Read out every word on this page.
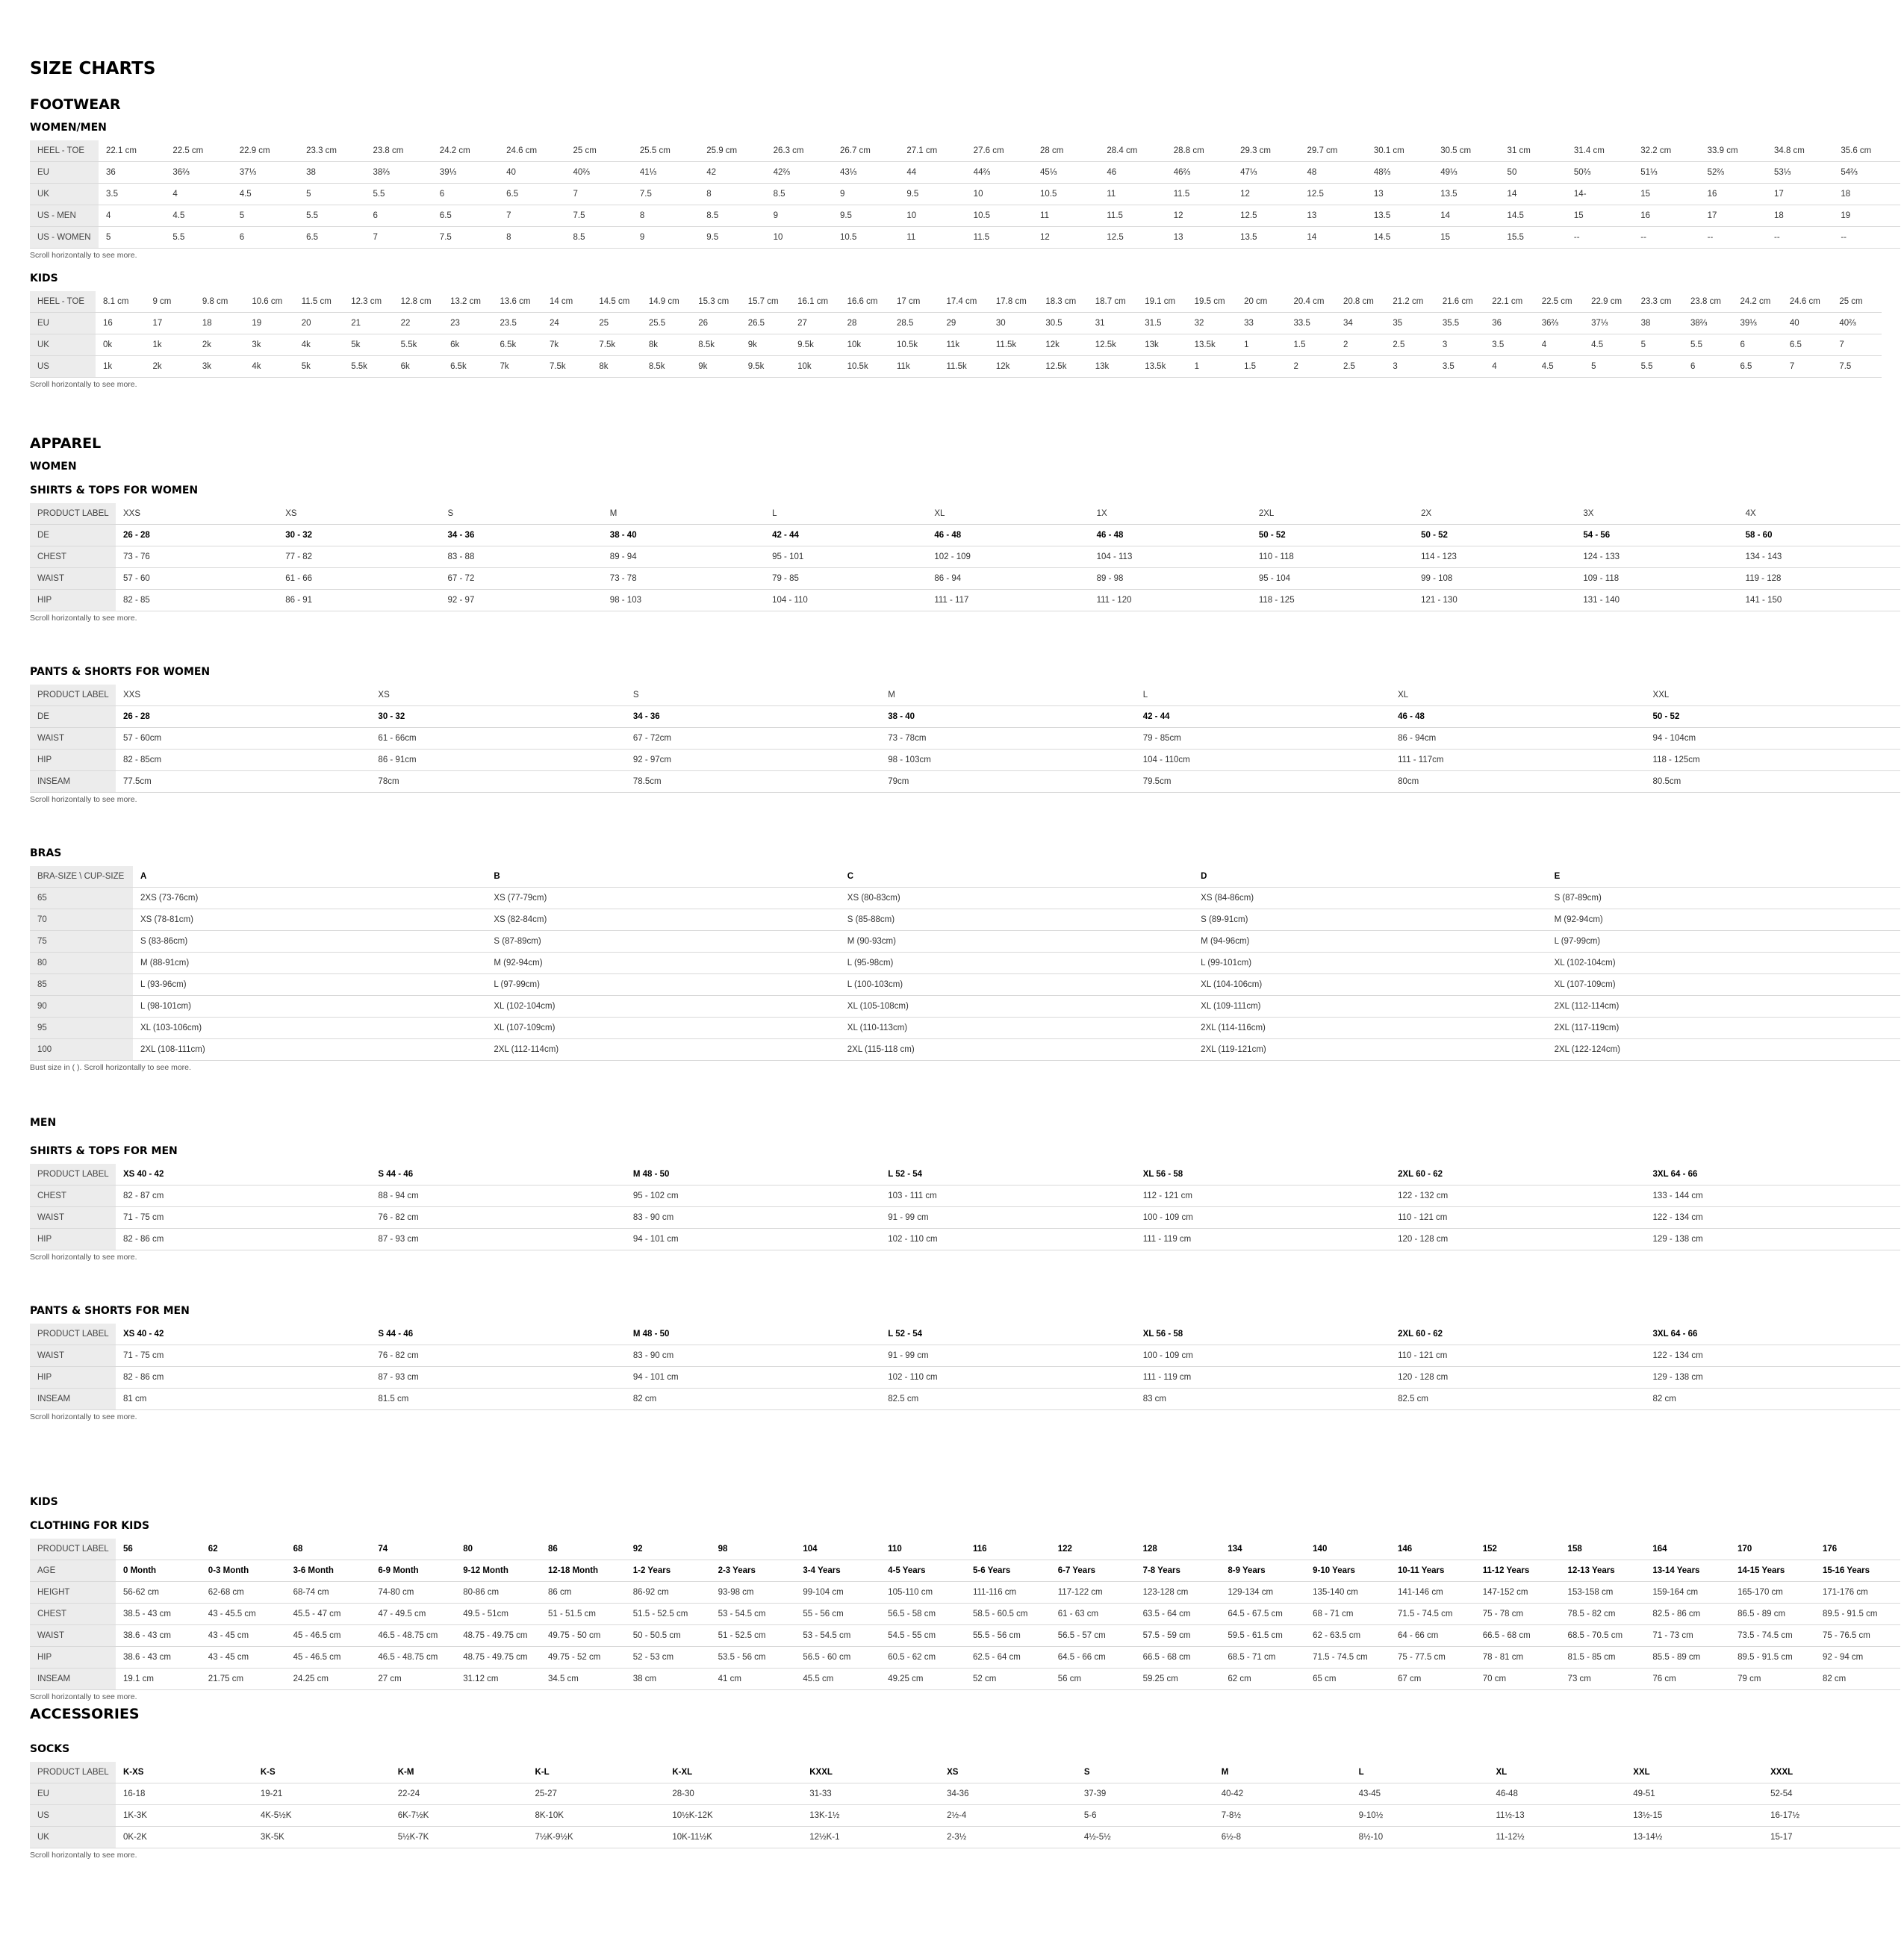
SIZE CHARTS
FOOTWEAR
APPAREL
WOMEN
MEN
KIDS
ACCESSORIES
WOMEN/MEN
HEEL - TOE	22.1 cm	22.5 cm	22.9 cm	23.3 cm	23.8 cm	24.2 cm	24.6 cm	25 cm	25.5 cm	25.9 cm	26.3 cm	26.7 cm	27.1 cm	27.6 cm	28 cm	28.4 cm	28.8 cm	29.3 cm	29.7 cm	30.1 cm	30.5 cm	31 cm	31.4 cm	32.2 cm	33.9 cm	34.8 cm	35.6 cm
EU	36	36⅔	37⅓	38	38⅔	39⅓	40	40⅔	41⅓	42	42⅔	43⅓	44	44⅔	45⅓	46	46⅔	47⅓	48	48⅔	49⅓	50	50⅔	51⅓	52⅔	53⅓	54⅔
UK	3.5	4	4.5	5	5.5	6	6.5	7	7.5	8	8.5	9	9.5	10	10.5	11	11.5	12	12.5	13	13.5	14	14-	15	16	17	18
US - MEN	4	4.5	5	5.5	6	6.5	7	7.5	8	8.5	9	9.5	10	10.5	11	11.5	12	12.5	13	13.5	14	14.5	15	16	17	18	19
US - WOMEN	5	5.5	6	6.5	7	7.5	8	8.5	9	9.5	10	10.5	11	11.5	12	12.5	13	13.5	14	14.5	15	15.5	--	--	--	--	--
Scroll horizontally to see more.
KIDS
HEEL - TOE	8.1 cm	9 cm	9.8 cm	10.6 cm	11.5 cm	12.3 cm	12.8 cm	13.2 cm	13.6 cm	14 cm	14.5 cm	14.9 cm	15.3 cm	15.7 cm	16.1 cm	16.6 cm	17 cm	17.4 cm	17.8 cm	18.3 cm	18.7 cm	19.1 cm	19.5 cm	20 cm	20.4 cm	20.8 cm	21.2 cm	21.6 cm	22.1 cm	22.5 cm	22.9 cm	23.3 cm	23.8 cm	24.2 cm	24.6 cm	25 cm
EU	16	17	18	19	20	21	22	23	23.5	24	25	25.5	26	26.5	27	28	28.5	29	30	30.5	31	31.5	32	33	33.5	34	35	35.5	36	36⅔	37⅓	38	38⅔	39⅓	40	40⅔
UK	0k	1k	2k	3k	4k	5k	5.5k	6k	6.5k	7k	7.5k	8k	8.5k	9k	9.5k	10k	10.5k	11k	11.5k	12k	12.5k	13k	13.5k	1	1.5	2	2.5	3	3.5	4	4.5	5	5.5	6	6.5	7
US	1k	2k	3k	4k	5k	5.5k	6k	6.5k	7k	7.5k	8k	8.5k	9k	9.5k	10k	10.5k	11k	11.5k	12k	12.5k	13k	13.5k	1	1.5	2	2.5	3	3.5	4	4.5	5	5.5	6	6.5	7	7.5
Scroll horizontally to see more.
SHIRTS & TOPS FOR WOMEN
PRODUCT LABEL	XXS	XS	S	M	L	XL	1X	2XL	2X	3X	4X
DE	26 - 28	30 - 32	34 - 36	38 - 40	42 - 44	46 - 48	46 - 48	50 - 52	50 - 52	54 - 56	58 - 60
CHEST	73 - 76	77 - 82	83 - 88	89 - 94	95 - 101	102 - 109	104 - 113	110 - 118	114 - 123	124 - 133	134 - 143
WAIST	57 - 60	61 - 66	67 - 72	73 - 78	79 - 85	86 - 94	89 - 98	95 - 104	99 - 108	109 - 118	119 - 128
HIP	82 - 85	86 - 91	92 - 97	98 - 103	104 - 110	111 - 117	111 - 120	118 - 125	121 - 130	131 - 140	141 - 150
Scroll horizontally to see more.
PANTS & SHORTS FOR WOMEN
PRODUCT LABEL	XXS	XS	S	M	L	XL	XXL
DE	26 - 28	30 - 32	34 - 36	38 - 40	42 - 44	46 - 48	50 - 52
WAIST	57 - 60cm	61 - 66cm	67 - 72cm	73 - 78cm	79 - 85cm	86 - 94cm	94 - 104cm
HIP	82 - 85cm	86 - 91cm	92 - 97cm	98 - 103cm	104 - 110cm	111 - 117cm	118 - 125cm
INSEAM	77.5cm	78cm	78.5cm	79cm	79.5cm	80cm	80.5cm
Scroll horizontally to see more.
BRAS
BRA-SIZE \ CUP-SIZE	A	B	C	D	E
65	2XS (73-76cm)	XS (77-79cm)	XS (80-83cm)	XS (84-86cm)	S (87-89cm)
70	XS (78-81cm)	XS (82-84cm)	S (85-88cm)	S (89-91cm)	M (92-94cm)
75	S (83-86cm)	S (87-89cm)	M (90-93cm)	M (94-96cm)	L (97-99cm)
80	M (88-91cm)	M (92-94cm)	L (95-98cm)	L (99-101cm)	XL (102-104cm)
85	L (93-96cm)	L (97-99cm)	L (100-103cm)	XL (104-106cm)	XL (107-109cm)
90	L (98-101cm)	XL (102-104cm)	XL (105-108cm)	XL (109-111cm)	2XL (112-114cm)
95	XL (103-106cm)	XL (107-109cm)	XL (110-113cm)	2XL (114-116cm)	2XL (117-119cm)
100	2XL (108-111cm)	2XL (112-114cm)	2XL (115-118 cm)	2XL (119-121cm)	2XL (122-124cm)
Bust size in ( ). Scroll horizontally to see more.
SHIRTS & TOPS FOR MEN
PRODUCT LABEL	XS 40 - 42	S 44 - 46	M 48 - 50	L 52 - 54	XL 56 - 58	2XL 60 - 62	3XL 64 - 66
CHEST	82 - 87 cm	88 - 94 cm	95 - 102 cm	103 - 111 cm	112 - 121 cm	122 - 132 cm	133 - 144 cm
WAIST	71 - 75 cm	76 - 82 cm	83 - 90 cm	91 - 99 cm	100 - 109 cm	110 - 121 cm	122 - 134 cm
HIP	82 - 86 cm	87 - 93 cm	94 - 101 cm	102 - 110 cm	111 - 119 cm	120 - 128 cm	129 - 138 cm
Scroll horizontally to see more.
PANTS & SHORTS FOR MEN
PRODUCT LABEL	XS 40 - 42	S 44 - 46	M 48 - 50	L 52 - 54	XL 56 - 58	2XL 60 - 62	3XL 64 - 66
WAIST	71 - 75 cm	76 - 82 cm	83 - 90 cm	91 - 99 cm	100 - 109 cm	110 - 121 cm	122 - 134 cm
HIP	82 - 86 cm	87 - 93 cm	94 - 101 cm	102 - 110 cm	111 - 119 cm	120 - 128 cm	129 - 138 cm
INSEAM	81 cm	81.5 cm	82 cm	82.5 cm	83 cm	82.5 cm	82 cm
Scroll horizontally to see more.
CLOTHING FOR KIDS
PRODUCT LABEL	56	62	68	74	80	86	92	98	104	110	116	122	128	134	140	146	152	158	164	170	176
AGE	0 Month	0-3 Month	3-6 Month	6-9 Month	9-12 Month	12-18 Month	1-2 Years	2-3 Years	3-4 Years	4-5 Years	5-6 Years	6-7 Years	7-8 Years	8-9 Years	9-10 Years	10-11 Years	11-12 Years	12-13 Years	13-14 Years	14-15 Years	15-16 Years
HEIGHT	56-62 cm	62-68 cm	68-74 cm	74-80 cm	80-86 cm	86 cm	86-92 cm	93-98 cm	99-104 cm	105-110 cm	111-116 cm	117-122 cm	123-128 cm	129-134 cm	135-140 cm	141-146 cm	147-152 cm	153-158 cm	159-164 cm	165-170 cm	171-176 cm
CHEST	38.5 - 43 cm	43 - 45.5 cm	45.5 - 47 cm	47 - 49.5 cm	49.5 - 51cm	51 - 51.5 cm	51.5 - 52.5 cm	53 - 54.5 cm	55 - 56 cm	56.5 - 58 cm	58.5 - 60.5 cm	61 - 63 cm	63.5 - 64 cm	64.5 - 67.5 cm	68 - 71 cm	71.5 - 74.5 cm	75 - 78 cm	78.5 - 82 cm	82.5 - 86 cm	86.5 - 89 cm	89.5 - 91.5 cm
WAIST	38.6 - 43 cm	43 - 45 cm	45 - 46.5 cm	46.5 - 48.75 cm	48.75 - 49.75 cm	49.75 - 50 cm	50 - 50.5 cm	51 - 52.5 cm	53 - 54.5 cm	54.5 - 55 cm	55.5 - 56 cm	56.5 - 57 cm	57.5 - 59 cm	59.5 - 61.5 cm	62 - 63.5 cm	64 - 66 cm	66.5 - 68 cm	68.5 - 70.5 cm	71 - 73 cm	73.5 - 74.5 cm	75 - 76.5 cm
HIP	38.6 - 43 cm	43 - 45 cm	45 - 46.5 cm	46.5 - 48.75 cm	48.75 - 49.75 cm	49.75 - 52 cm	52 - 53 cm	53.5 - 56 cm	56.5 - 60 cm	60.5 - 62 cm	62.5 - 64 cm	64.5 - 66 cm	66.5 - 68 cm	68.5 - 71 cm	71.5 - 74.5 cm	75 - 77.5 cm	78 - 81 cm	81.5 - 85 cm	85.5 - 89 cm	89.5 - 91.5 cm	92 - 94 cm
INSEAM	19.1 cm	21.75 cm	24.25 cm	27 cm	31.12 cm	34.5 cm	38 cm	41 cm	45.5 cm	49.25 cm	52 cm	56 cm	59.25 cm	62 cm	65 cm	67 cm	70 cm	73 cm	76 cm	79 cm	82 cm
Scroll horizontally to see more.
SOCKS
PRODUCT LABEL	K-XS	K-S	K-M	K-L	K-XL	KXXL	XS	S	M	L	XL	XXL	XXXL
EU	16-18	19-21	22-24	25-27	28-30	31-33	34-36	37-39	40-42	43-45	46-48	49-51	52-54
US	1K-3K	4K-5½K	6K-7½K	8K-10K	10½K-12K	13K-1½	2½-4	5-6	7-8½	9-10½	11½-13	13½-15	16-17½
UK	0K-2K	3K-5K	5½K-7K	7½K-9½K	10K-11½K	12½K-1	2-3½	4½-5½	6½-8	8½-10	11-12½	13-14½	15-17
Scroll horizontally to see more.
